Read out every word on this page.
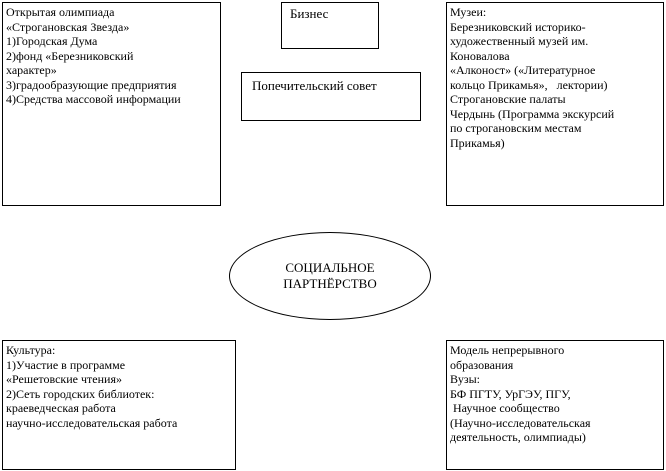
Открытая олимпиада
«Строгановская Звезда»
1)Городская Дума
2)фонд «Березниковский
характер»
3)градообразующие предприятия
4)Средства массовой информации
Бизнес
Попечительский совет
Музеи:
Березниковский историко-
художественный музей им.
Коновалова
«Алконост» («Литературное
кольцо Прикамья»,   лектории)
Строгановские палаты
Чердынь (Программа экскурсий
по строгановским местам
Прикамья)
СОЦИАЛЬНОЕ
ПАРТНЁРСТВО
Культура:
1)Участие в программе
«Решетовские чтения»
2)Сеть городских библиотек:
краеведческая работа
научно-исследовательская работа
Модель непрерывного
образования
Вузы:
БФ ПГТУ, УрГЭУ, ПГУ,
Научное сообщество
(Научно-исследовательская
деятельность, олимпиады)
